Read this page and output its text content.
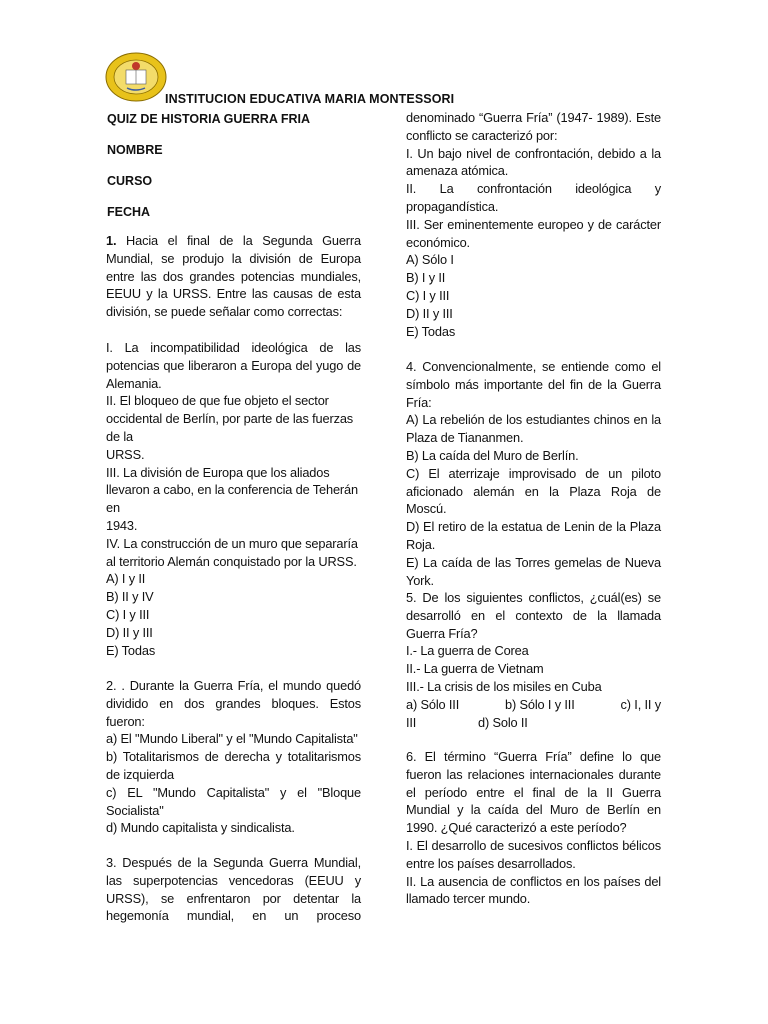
INSTITUCION EDUCATIVA MARIA MONTESSORI
QUIZ DE HISTORIA GUERRA FRIA
NOMBRE
CURSO
FECHA

1. Hacia el final de la Segunda Guerra Mundial, se produjo la división de Europa entre las dos grandes potencias mundiales, EEUU y la URSS. Entre las causas de esta división, se puede señalar como correctas:

I. La incompatibilidad ideológica de las potencias que liberaron a Europa del yugo de Alemania.

II. El bloqueo de que fue objeto el sector occidental de Berlín, por parte de las fuerzas de la

URSS.

III. La división de Europa que los aliados llevaron a cabo, en la conferencia de Teherán en

1943.

IV. La construcción de un muro que separaría al territorio Alemán conquistado por la URSS.

A) I y II
B) II y IV
C) I y III
D) II y III
E) Todas

2. . Durante la Guerra Fría, el mundo quedó dividido en dos grandes bloques. Estos fueron:

a) El "Mundo Liberal" y el "Mundo Capitalista"

b) Totalitarismos de derecha y totalitarismos de izquierda

c) EL "Mundo Capitalista" y el "Bloque Socialista"

d) Mundo capitalista y sindicalista.

3. Después de la Segunda Guerra Mundial, las superpotencias vencedoras (EEUU y URSS), se enfrentaron por detentar la hegemonía mundial, en un proceso

denominado “Guerra Fría” (1947- 1989). Este conflicto se caracterizó por:

I. Un bajo nivel de confrontación, debido a la amenaza atómica.

II. La confrontación ideológica y propagandística.

III. Ser eminentemente europeo y de carácter económico.

A) Sólo I
B) I y II
C) I y III
D) II y III
E) Todas

4. Convencionalmente, se entiende como el símbolo más importante del fin de la Guerra Fría:

A) La rebelión de los estudiantes chinos en la Plaza de Tiananmen.

B) La caída del Muro de Berlín.

C) El aterrizaje improvisado de un piloto aficionado alemán en la Plaza Roja de Moscú.

D) El retiro de la estatua de Lenin de la Plaza Roja.

E) La caída de las Torres gemelas de Nueva York.

5. De los siguientes conflictos, ¿cuál(es) se desarrolló en el contexto de la llamada Guerra Fría?

I.- La guerra de Corea
II.- La guerra de Vietnam
III.- La crisis de los misiles en Cuba
a) Sólo III	b) Sólo I y III	c) I, II y
III	d) Solo II

6. El término “Guerra Fría” define lo que fueron las relaciones internacionales durante el período entre el final de la II Guerra Mundial y la caída del Muro de Berlín en 1990. ¿Qué caracterizó a este período?

I. El desarrollo de sucesivos conflictos bélicos entre los países desarrollados.

II. La ausencia de conflictos en los países del llamado tercer mundo.
